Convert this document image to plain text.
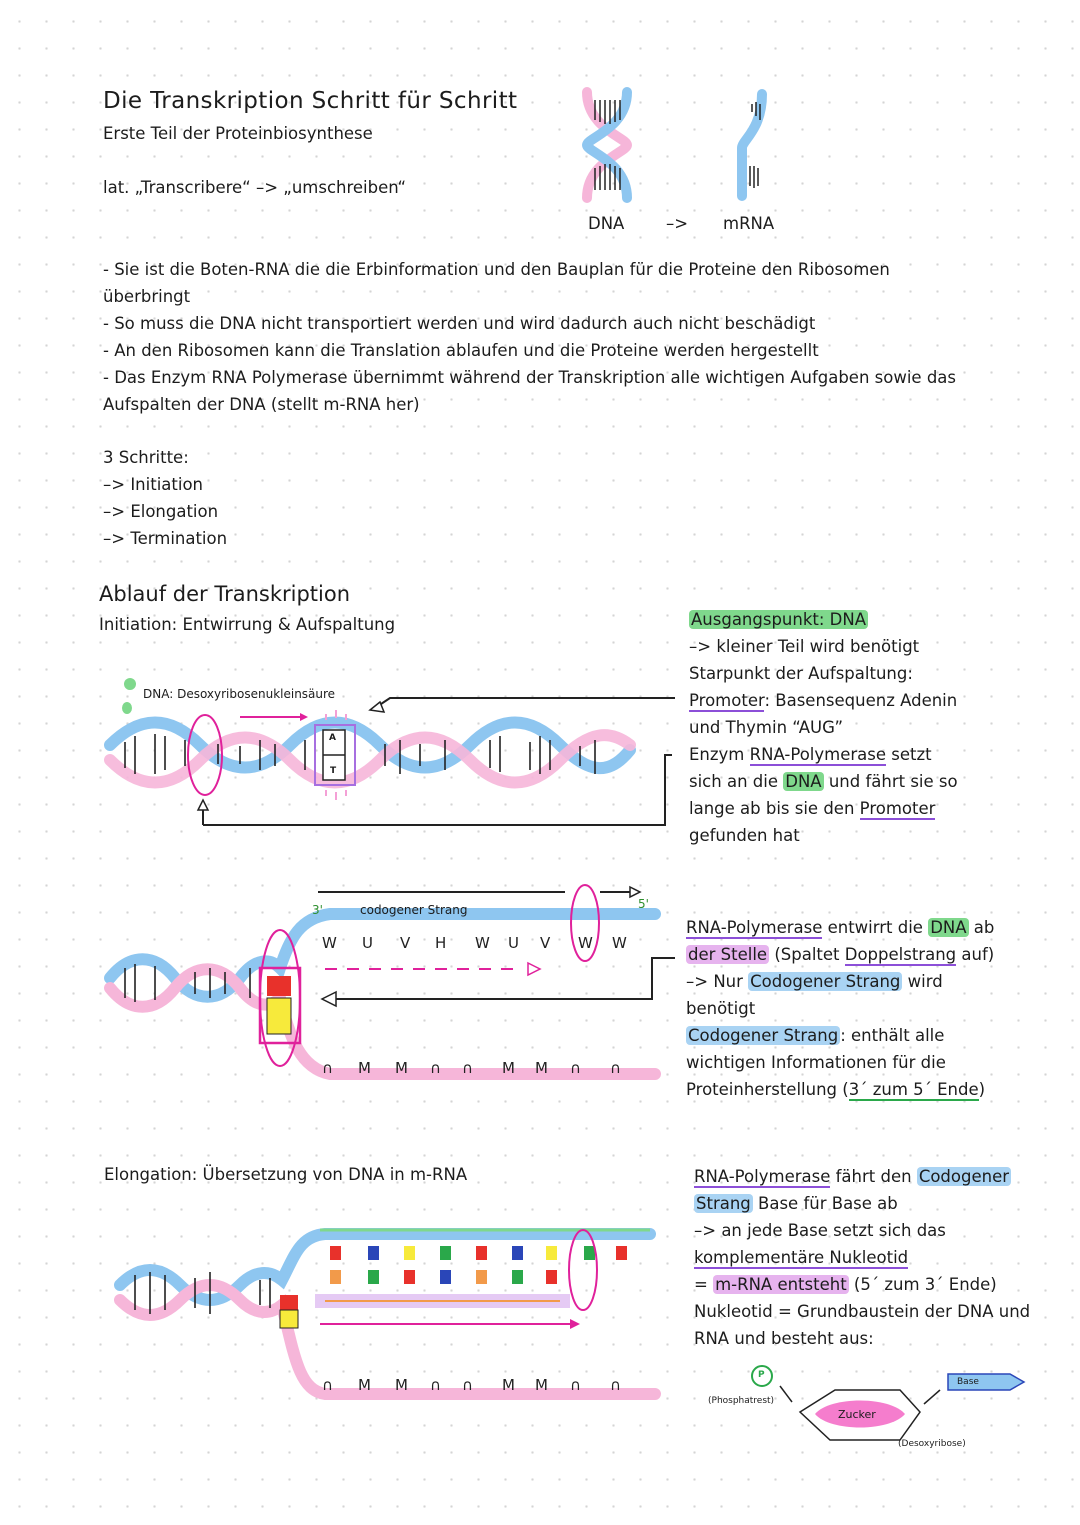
Die Transkription Schritt für Schritt
Erste Teil der Proteinbiosynthese
lat. „Transcribere“ –> „umschreiben“
DNA	–> mRNA
- Sie ist die Boten-RNA die die Erbinformation und den Bauplan für die Proteine den Ribosomen
überbringt
- So muss die DNA nicht transportiert werden und wird dadurch auch nicht beschädigt
- An den Ribosomen kann die Translation ablaufen und die Proteine werden hergestellt
- Das Enzym RNA Polymerase übernimmt während der Transkription alle wichtigen Aufgaben sowie das
Aufspalten der DNA (stellt m-RNA her)
3 Schritte:
–> Initiation
–> Elongation
–> Termination
Ablauf der Transkription
Initiation: Entwirrung & Aufspaltung
DNA: Desoxyribosenukleinsäure
A
T
Ausgangspunkt: DNA
–> kleiner Teil wird benötigt
Starpunkt der Aufspaltung:
Promoter: Basensequenz Adenin
und Thymin “AUG”
Enzym RNA-Polymerase setzt
sich an die DNA und fährt sie so
lange ab bis sie den Promoter
gefunden hat
W U V H W U V W W
∩ M M ∩ ∩ M M ∩ ∩
3'	5'
codogener Strang
RNA-Polymerase entwirrt die DNA ab
der Stelle (Spaltet Doppelstrang auf)
–> Nur Codogener Strang wird
benötigt
Codogener Strang : enthält alle
wichtigen Informationen für die
Proteinherstellung (3´ zum 5´ Ende)
Elongation: Übersetzung von DNA in m-RNA
∩ M M ∩ ∩ M M ∩ ∩
RNA-Polymerase fährt den Codogener
Strang Base für Base ab
–> an jede Base setzt sich das
komplementäre Nukleotid
= m-RNA entsteht (5´ zum 3´ Ende)
Nukleotid = Grundbaustein der DNA und
RNA und besteht aus:
P
(Phosphatrest)
Zucker
(Desoxyribose)
Base
